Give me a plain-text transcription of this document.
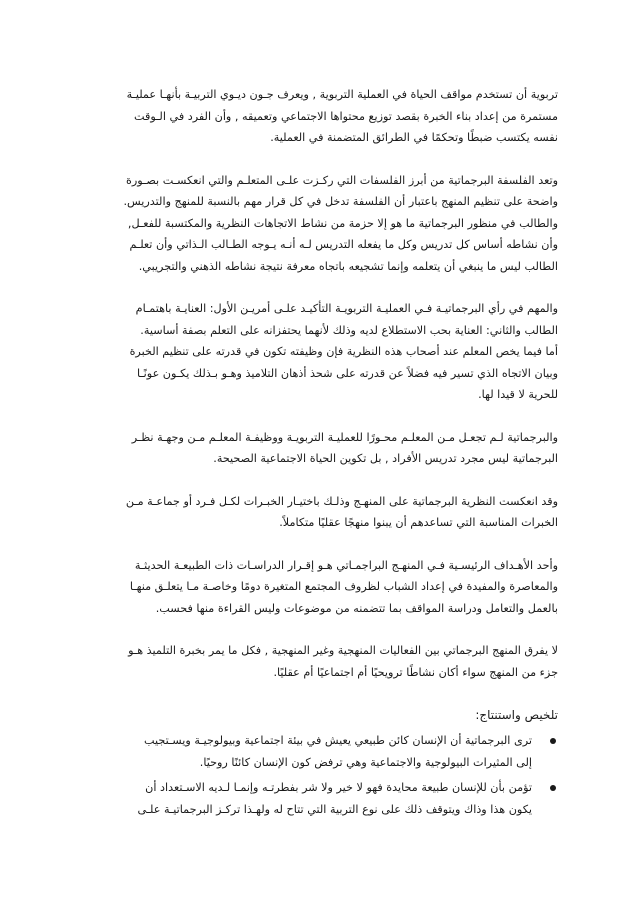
تربوية أن تستخدم مواقف الحياة في العملية التربوية , ويعرف جـون ديـوي التربيـة بأنهـا عمليـة
مستمرة من إعداد بناء الخبرة بقصد توزيع محتواها الاجتماعي وتعميقه , وأن الفرد في الـوقت
نفسه يكتسب ضبطًا وتحكمًا في الطرائق المتضمنة في العملية.
وتعد الفلسفة البرجماتية من أبرز الفلسفات التي ركـزت علـى المتعلـم والتي انعكسـت بصـورة
واضحة على تنظيم المنهج باعتبار أن الفلسفة تدخل في كل قرار مهم بالنسبة للمنهج والتدريس.
والطالب في منظور البرجماتية ما هو إلا حزمة من نشاط الاتجاهات النظرية والمكتسبة للفعـل,
وأن نشاطه أساس كل تدريس وكل ما يفعله التدريس لـه أنـه يـوجه الطـالب الـذاتي وأن تعلـم
الطالب ليس ما ينبغي أن يتعلمه وإنما تشجيعه باتجاه معرفة نتيجة نشاطه الذهني والتجريبي.
والمهم في رأي البرجماتيـة فـي العمليـة التربويـة التأكيـد علـى أمريـن الأول: العنايـة باهتمـام
الطالب والثاني: العناية بحب الاستطلاع لديه وذلك لأنهما يحتفزانه على التعلم بصفة أساسية.
أما فيما يخص المعلم عند أصحاب هذه النظرية فإن وظيفته تكون في قدرته على تنظيم الخبرة
وبيان الاتجاه الذي تسير فيه فضلاً عن قدرته على شحذ أذهان التلاميذ وهـو بـذلك يكـون عونًـا
للحرية لا قيدا لها.
والبرجماتية لـم تجعـل مـن المعلـم محـورًا للعمليـة التربويـة ووظيفـة المعلـم مـن وجهـة نظـر
البرجماتية ليس مجرد تدريس الأفراد , بل تكوين الحياة الاجتماعية الصحيحة.
وقد انعكست النظرية البرجماتية على المنهـج وذلـك باختيـار الخبـرات لكـل فـرد أو جماعـة مـن
الخبرات المناسبة التي تساعدهم أن يبنوا منهجًا عقليًا متكاملاً.
وأحد الأهـداف الرئيسـية فـي المنهـج البراجمـاتي هـو إقـرار الدراسـات ذات الطبيعـة الحديثـة
والمعاصرة والمفيدة في إعداد الشباب لظروف المجتمع المتغيرة دومًا وخاصـة مـا يتعلـق منهـا
بالعمل والتعامل ودراسة المواقف بما تتضمنه من موضوعات وليس القراءة منها فحسب.
لا يفرق المنهج البرجماتي بين الفعاليات المنهجية وغير المنهجية , فكل ما يمر بخبرة التلميذ هـو
جزء من المنهج سواء أكان نشاطًا ترويحيًا أم اجتماعيًا أم عقليًا.
تلخيص واستنتاج:
ترى البرجماتية أن الإنسان كائن طبيعي يعيش في بيئة اجتماعية وبيولوجيـة ويسـتجيب
إلى المثيرات البيولوجية والاجتماعية وهي ترفض كون الإنسان كائنًا روحيًا.
تؤمن بأن للإنسان طبيعة محايدة فهو لا خير ولا شر بفطرتـه وإنمـا لـديه الاسـتعداد أن
يكون هذا وذاك ويتوقف ذلك على نوع التربية التي تتاح له ولهـذا تركـز البرجماتيـة علـى
